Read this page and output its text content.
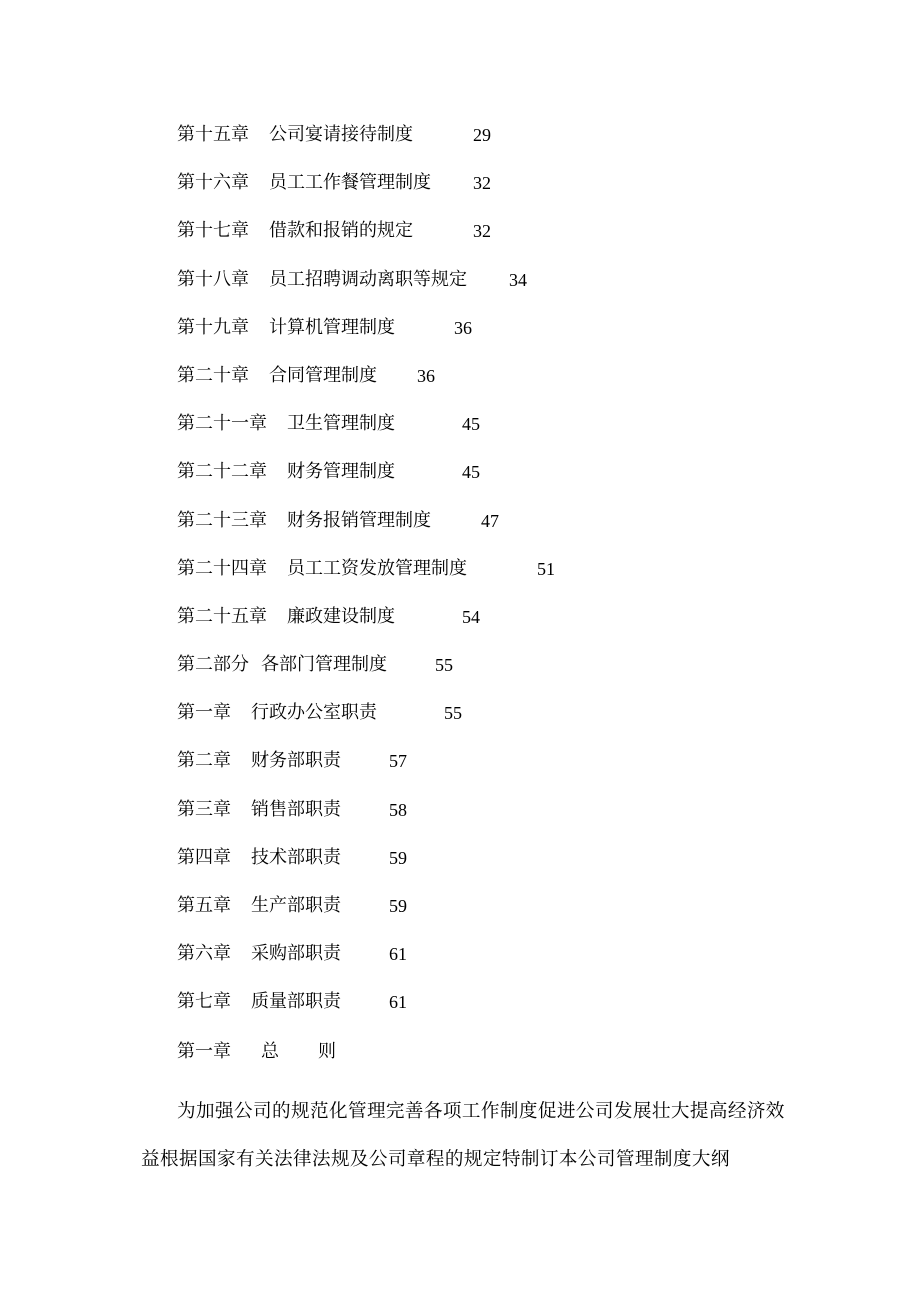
第十五章	公司宴请接待制度	29
第十六章	员工工作餐管理制度	32
第十七章	借款和报销的规定	32
第十八章	员工招聘调动离职等规定	34
第十九章	计算机管理制度	36
第二十章	合同管理制度	36
第二十一章	卫生管理制度	45
第二十二章	财务管理制度	45
第二十三章	财务报销管理制度	47
第二十四章	员工工资发放管理制度	51
第二十五章	廉政建设制度	54
第二部分 各部门管理制度	55
第一章	行政办公室职责	55
第二章	财务部职责	57
第三章	销售部职责	58
第四章	技术部职责	59
第五章	生产部职责	59
第六章	采购部职责	61
第七章	质量部职责	61
第一章 总 则

为加强公司的规范化管理完善各项工作制度促进公司发展壮大提高经济效益根据国家有关法律法规及公司章程的规定特制订本公司管理制度大纲
